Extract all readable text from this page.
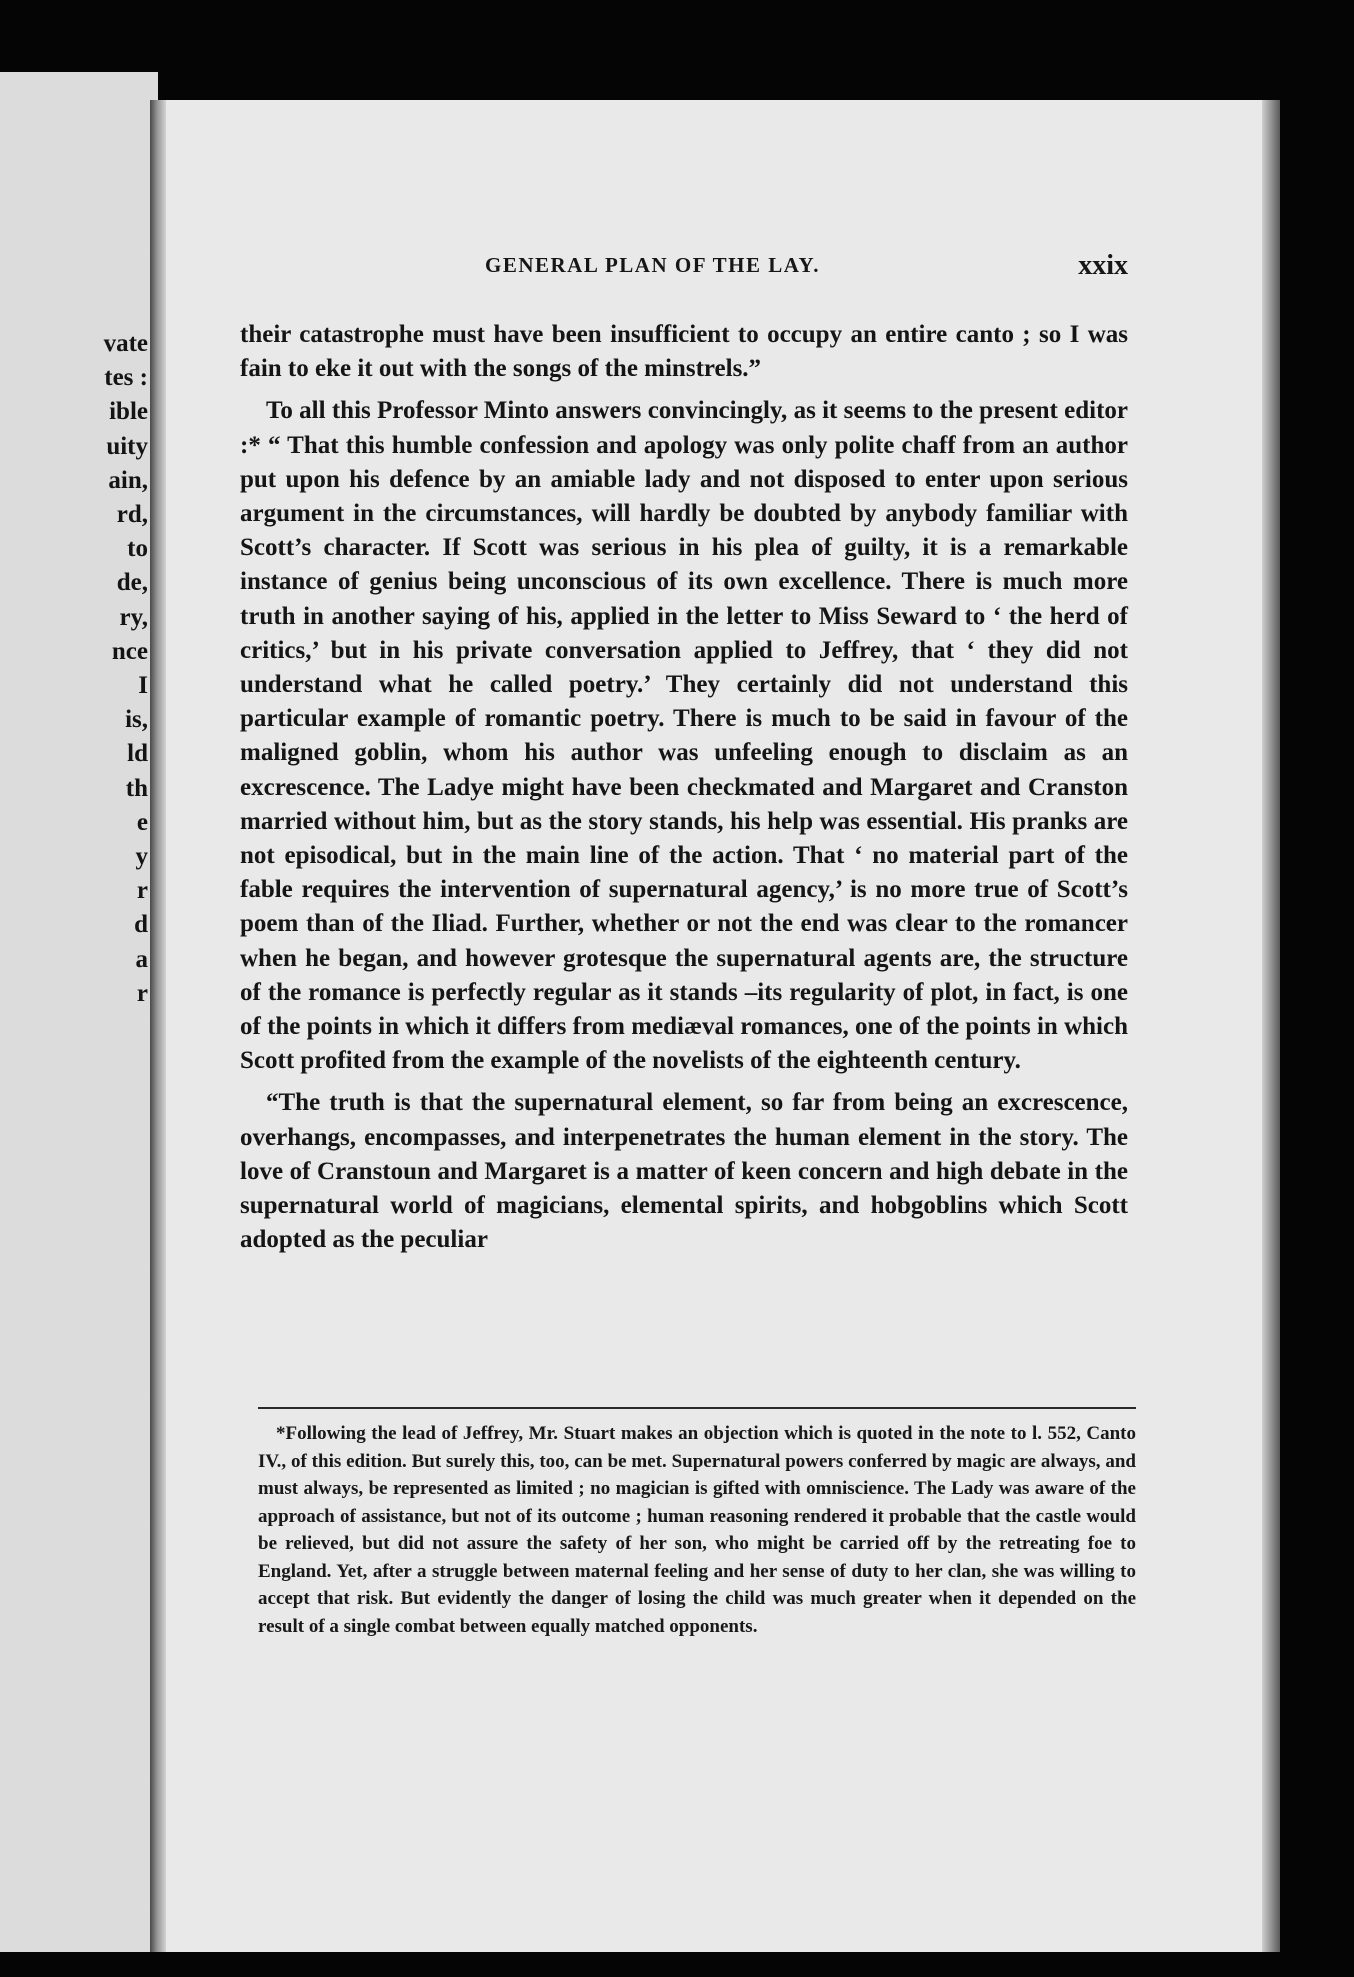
vate
tes :
ible
uity
ain,
rd,
to
de,
ry,
nce
I
is,
ld
th
e
y
r
d
a
r
GENERAL PLAN OF THE LAY.	xxix

their catastrophe must have been insufficient to occupy an entire canto ; so I was fain to eke it out with the songs of the minstrels.”

To all this Professor Minto answers convincingly, as it seems to the present editor :* “ That this humble confession and apology was only polite chaff from an author put upon his defence by an amiable lady and not disposed to enter upon serious argument in the circumstances, will hardly be doubted by anybody familiar with Scott’s character. If Scott was serious in his plea of guilty, it is a remarkable instance of genius being unconscious of its own excellence. There is much more truth in another saying of his, applied in the letter to Miss Seward to ‘ the herd of critics,’ but in his private conversation applied to Jeffrey, that ‘ they did not understand what he called poetry.’ They certainly did not understand this particular example of romantic poetry. There is much to be said in favour of the maligned goblin, whom his author was unfeeling enough to disclaim as an excrescence. The Ladye might have been checkmated and Margaret and Cranston married without him, but as the story stands, his help was essential. His pranks are not episodical, but in the main line of the action. That ‘ no material part of the fable requires the intervention of supernatural agency,’ is no more true of Scott’s poem than of the Iliad. Further, whether or not the end was clear to the romancer when he began, and however grotesque the supernatural agents are, the structure of the romance is perfectly regular as it stands –its regularity of plot, in fact, is one of the points in which it differs from mediæval romances, one of the points in which Scott profited from the example of the novelists of the eighteenth century.

“The truth is that the supernatural element, so far from being an excrescence, overhangs, encompasses, and interpenetrates the human element in the story. The love of Cranstoun and Margaret is a matter of keen concern and high debate in the supernatural world of magicians, elemental spirits, and hobgoblins which Scott adopted as the peculiar

*Following the lead of Jeffrey, Mr. Stuart makes an objection which is quoted in the note to l. 552, Canto IV., of this edition. But surely this, too, can be met. Supernatural powers conferred by magic are always, and must always, be represented as limited ; no magician is gifted with omniscience. The Lady was aware of the approach of assistance, but not of its outcome ; human reasoning rendered it probable that the castle would be relieved, but did not assure the safety of her son, who might be carried off by the retreating foe to England. Yet, after a struggle between maternal feeling and her sense of duty to her clan, she was willing to accept that risk. But evidently the danger of losing the child was much greater when it depended on the result of a single combat between equally matched opponents.
